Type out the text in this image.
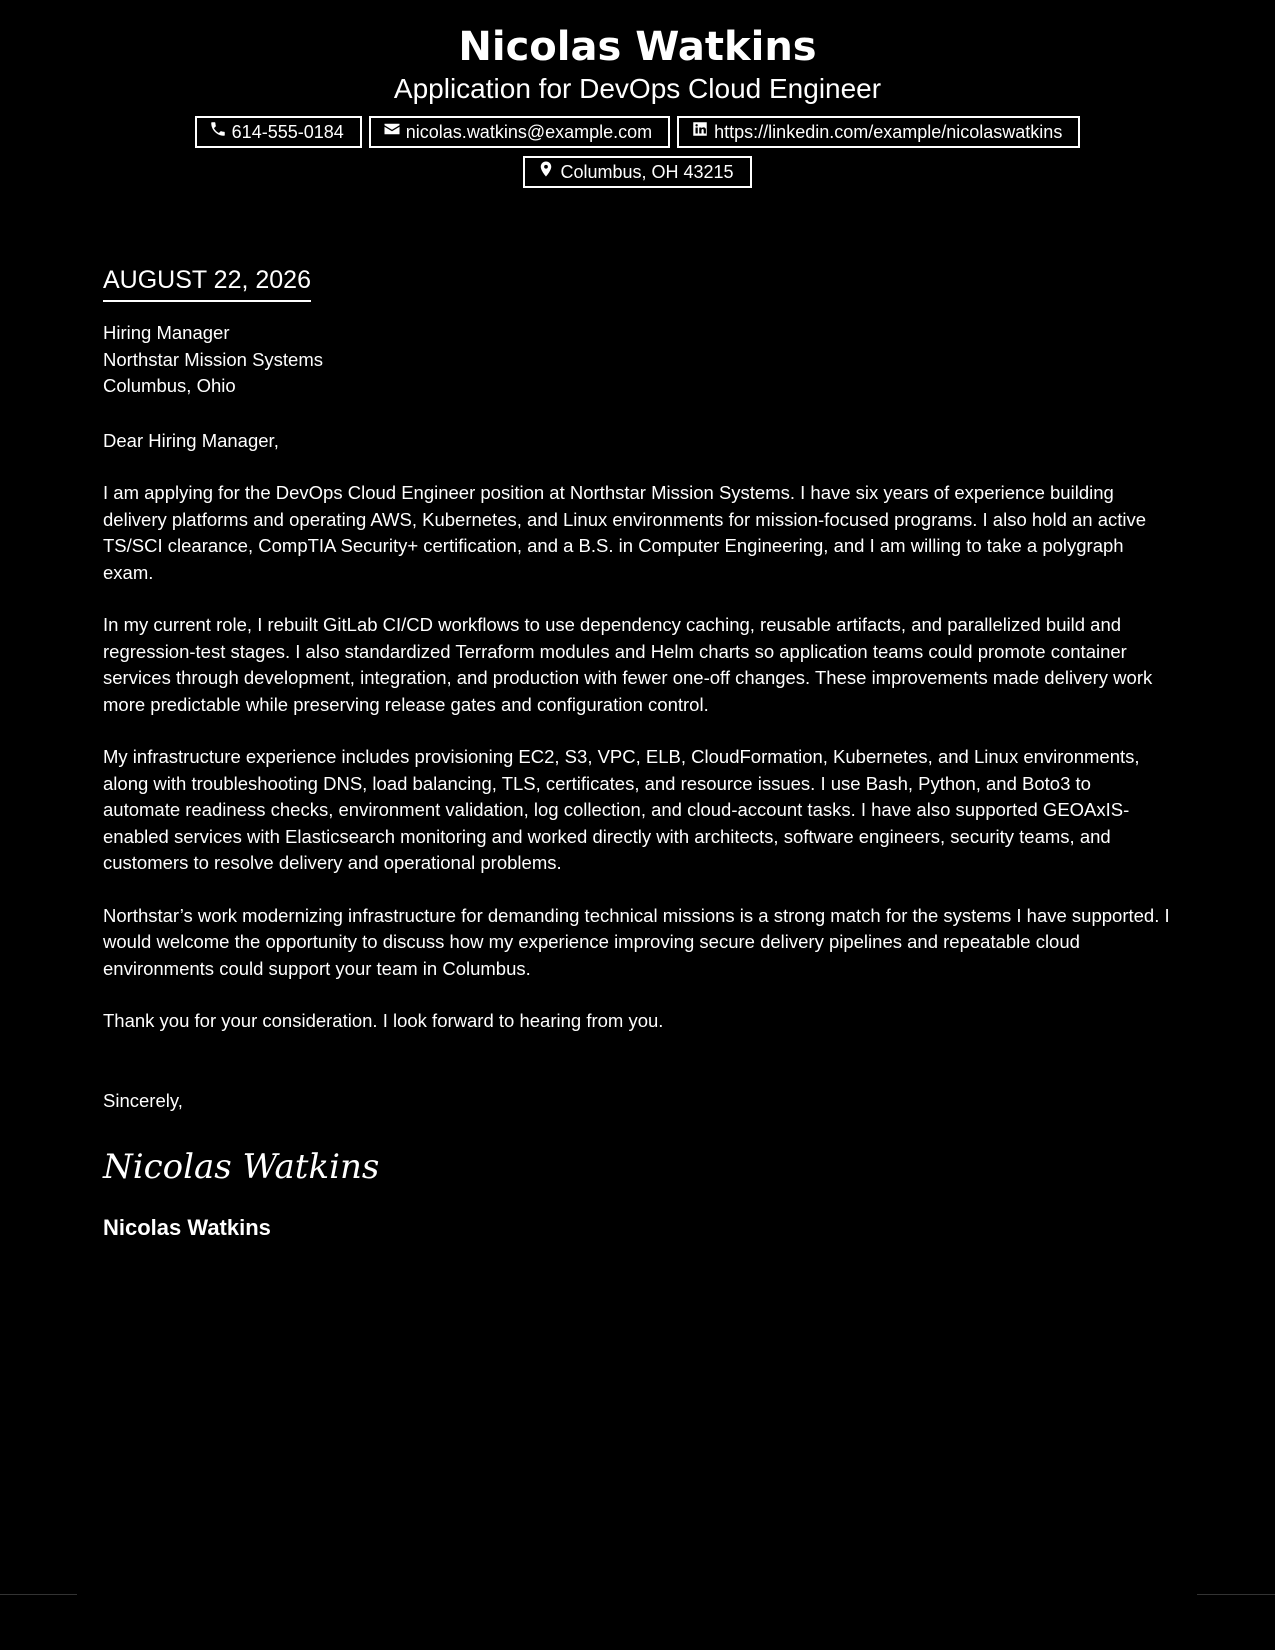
Nicolas Watkins
Application for DevOps Cloud Engineer
614-555-0184	nicolas.watkins@example.com	https://linkedin.com/example/nicolaswatkins
Columbus, OH 43215
AUGUST 22, 2026
Hiring Manager
Northstar Mission Systems
Columbus, Ohio
Dear Hiring Manager,

I am applying for the DevOps Cloud Engineer position at Northstar Mission Systems. I have six years of experience building delivery platforms and operating AWS, Kubernetes, and Linux environments for mission-focused programs. I also hold an active TS/SCI clearance, CompTIA Security+ certification, and a B.S. in Computer Engineering, and I am willing to take a polygraph exam.

In my current role, I rebuilt GitLab CI/CD workflows to use dependency caching, reusable artifacts, and parallelized build and regression-test stages. I also standardized Terraform modules and Helm charts so application teams could promote container services through development, integration, and production with fewer one-off changes. These improvements made delivery work more predictable while preserving release gates and configuration control.

My infrastructure experience includes provisioning EC2, S3, VPC, ELB, CloudFormation, Kubernetes, and Linux environments, along with troubleshooting DNS, load balancing, TLS, certificates, and resource issues. I use Bash, Python, and Boto3 to automate readiness checks, environment validation, log collection, and cloud-account tasks. I have also supported GEOAxIS-enabled services with Elasticsearch monitoring and worked directly with architects, software engineers, security teams, and customers to resolve delivery and operational problems.

Northstar’s work modernizing infrastructure for demanding technical missions is a strong match for the systems I have supported. I would welcome the opportunity to discuss how my experience improving secure delivery pipelines and repeatable cloud environments could support your team in Columbus.

Thank you for your consideration. I look forward to hearing from you.

Sincerely,
Nicolas Watkins
Nicolas Watkins
